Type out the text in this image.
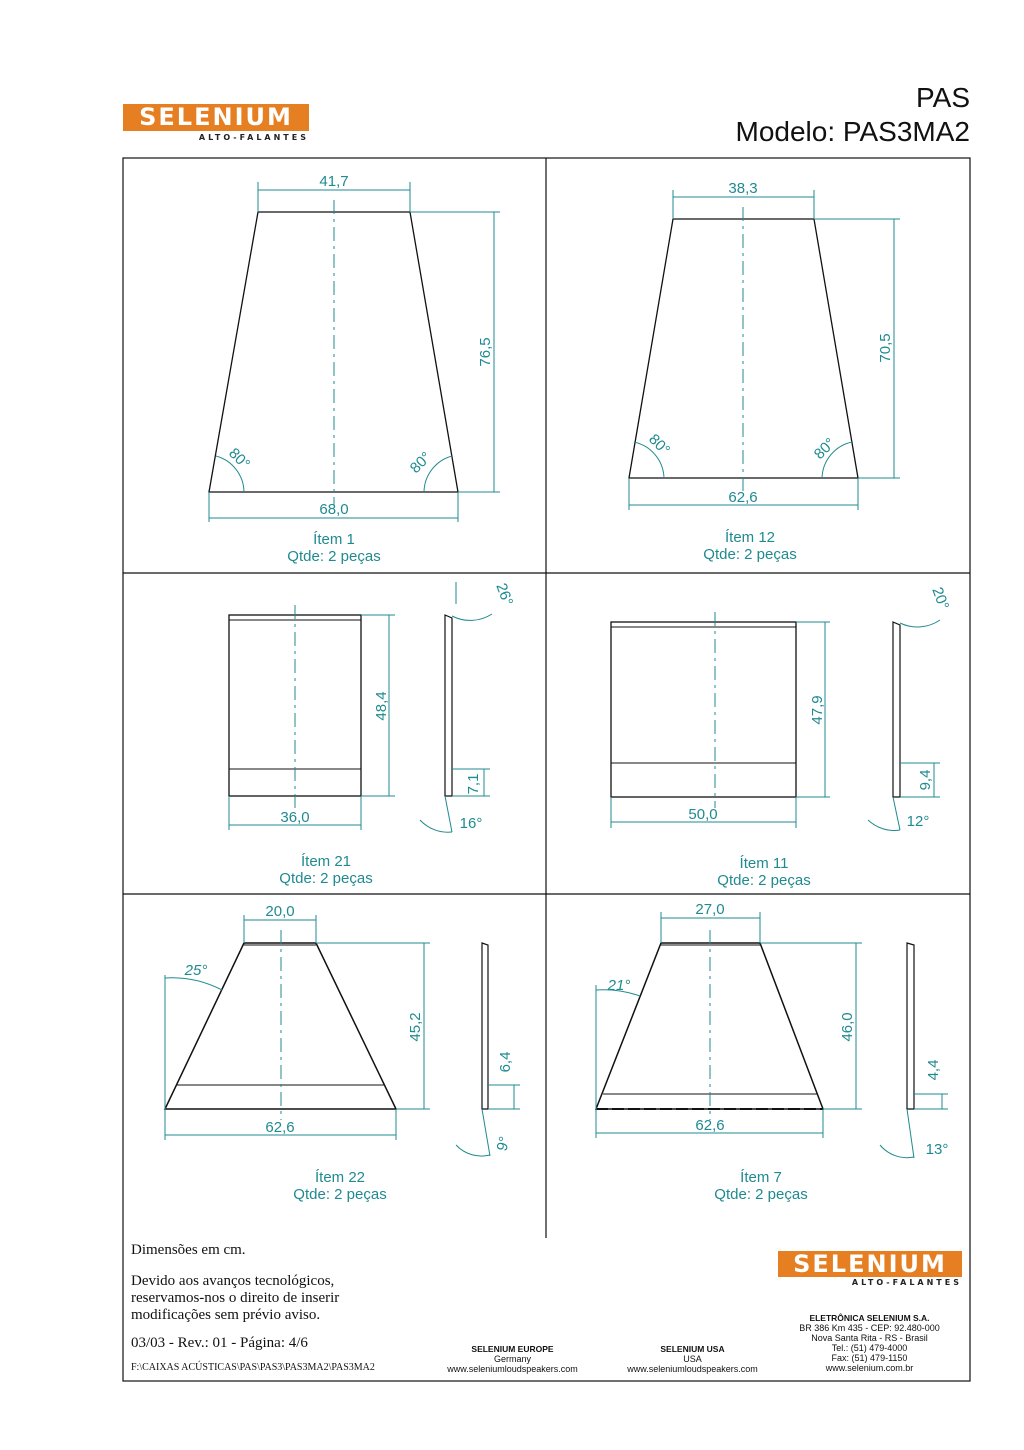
SELENIUM
ALTO-FALANTES
PAS
Modelo: PAS3MA2
41,7
68,0
76,5
80°	80°
38,3
62,6
70,5
80°	80°
36,0
48,4
7,1
16°
26°
50,0
47,9
9,4
12°
20°
20,0
62,6
45,2
6,4
25°
9°
27,0
62,6
46,0
4,4
21°
13°
Ítem 1
Qtde: 2 peças
Ítem 12
Qtde: 2 peças
Ítem 21
Qtde: 2 peças
Ítem 11
Qtde: 2 peças
Ítem 22
Qtde: 2 peças
Ítem 7
Qtde: 2 peças
Dimensões em cm.
Devido aos avanços tecnológicos,
reservamos-nos o direito de inserir
modificações sem prévio aviso.
03/03 - Rev.: 01 - Página: 4/6
F:\CAIXAS ACÚSTICAS\PAS\PAS3\PAS3MA2\PAS3MA2
SELENIUM EUROPE
Germany
www.seleniumloudspeakers.com
SELENIUM USA
USA
www.seleniumloudspeakers.com
SELENIUM
ALTO-FALANTES
ELETRÔNICA SELENIUM S.A.
BR 386 Km 435 - CEP: 92.480-000
Nova Santa Rita - RS - Brasil
Tel.: (51) 479-4000
Fax: (51) 479-1150
www.selenium.com.br
